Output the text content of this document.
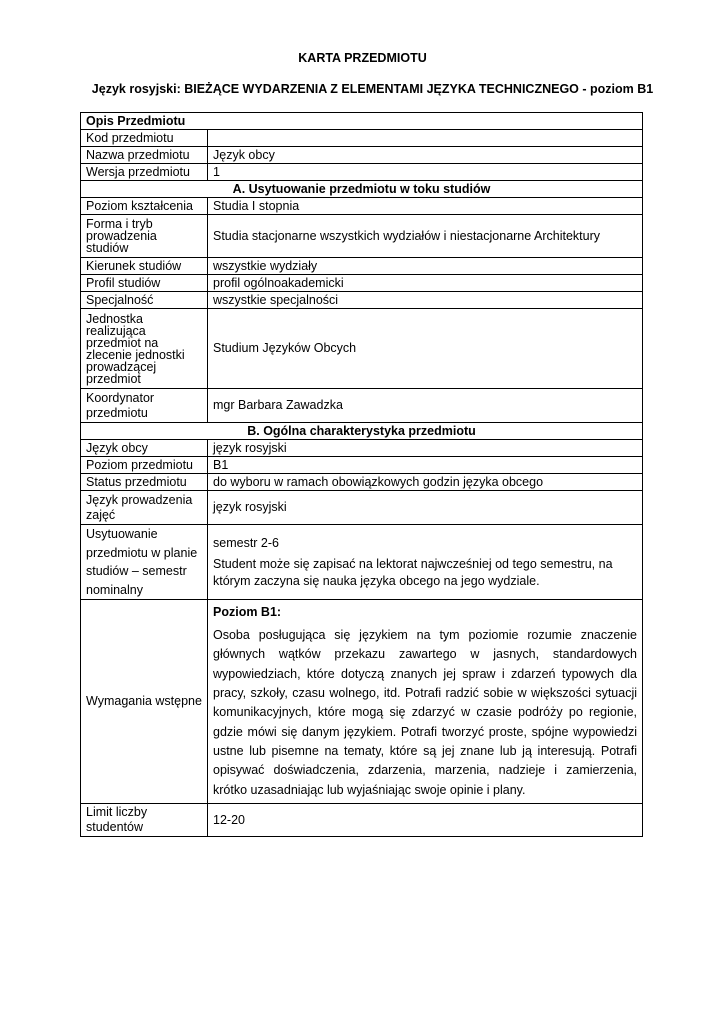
KARTA PRZEDMIOTU
Język rosyjski: BIEŻĄCE WYDARZENIA Z ELEMENTAMI JĘZYKA TECHNICZNEGO - poziom B1
Opis Przedmiotu	
Kod przedmiotu	
Nazwa przedmiotu	Język obcy
Wersja przedmiotu	1
A. Usytuowanie przedmiotu w toku studiów	
Poziom kształcenia	Studia I stopnia
Forma i tryb prowadzenia studiów	Studia stacjonarne wszystkich wydziałów i niestacjonarne Architektury
Kierunek studiów	wszystkie wydziały
Profil studiów	profil ogólnoakademicki
Specjalność	wszystkie specjalności
Jednostka realizująca przedmiot na zlecenie jednostki prowadzącej przedmiot	Studium Języków Obcych
Koordynator przedmiotu	mgr Barbara Zawadzka
B. Ogólna charakterystyka przedmiotu	
Język obcy	język rosyjski
Poziom przedmiotu	B1
Status przedmiotu	do wyboru w ramach obowiązkowych godzin języka obcego
Język prowadzenia zajęć	język rosyjski
Usytuowanie przedmiotu w planie studiów – semestr nominalny	semestr 2-6

Student może się zapisać na lektorat najwcześniej od tego semestru, na którym zaczyna się nauka języka obcego na jego wydziale.

Wymagania wstępne	Poziom B1:

Osoba posługująca się językiem na tym poziomie rozumie znaczenie głównych wątków przekazu zawartego w jasnych, standardowych wypowiedziach, które dotyczą znanych jej spraw i zdarzeń typowych dla pracy, szkoły, czasu wolnego, itd. Potrafi radzić sobie w większości sytuacji komunikacyjnych, które mogą się zdarzyć w czasie podróży po regionie, gdzie mówi się danym językiem. Potrafi tworzyć proste, spójne wypowiedzi ustne lub pisemne na tematy, które są jej znane lub ją interesują. Potrafi opisywać doświadczenia, zdarzenia, marzenia, nadzieje i zamierzenia, krótko uzasadniając lub wyjaśniając swoje opinie i plany.

Limit liczby studentów	12-20
